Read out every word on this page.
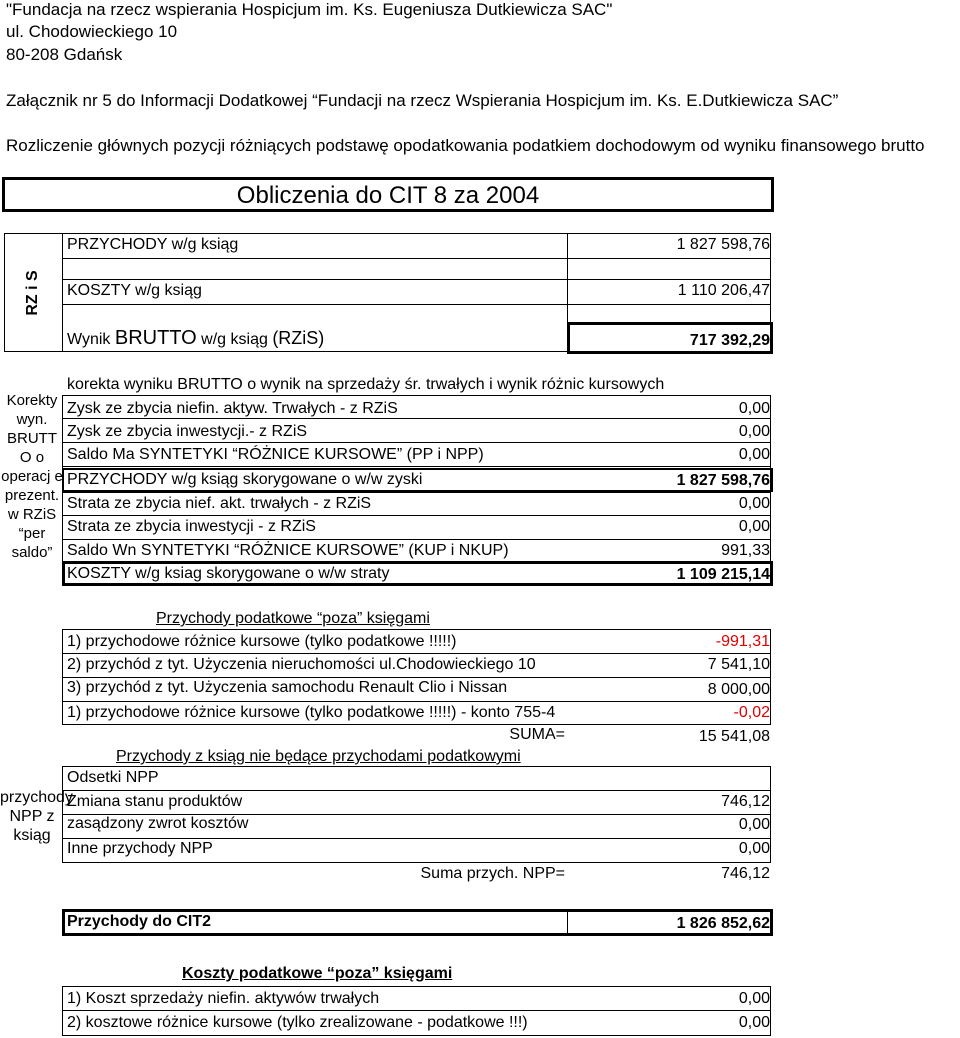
"Fundacja na rzecz wspierania Hospicjum im. Ks. Eugeniusza Dutkiewicza SAC"
ul. Chodowieckiego 10
80-208 Gdańsk
Załącznik nr 5 do Informacji Dodatkowej “Fundacji na rzecz Wspierania Hospicjum im. Ks. E.Dutkiewicza SAC”
Rozliczenie głównych pozycji różniących podstawę opodatkowania podatkiem dochodowym od wyniku finansowego brutto
Obliczenia do CIT 8 za 2004
RZ i S
PRZYCHODY w/g ksiąg	1 827 598,76
KOSZTY w/g ksiąg	1 110 206,47
Wynik BRUTTO w/g ksiąg (RZiS)	717 392,29
Korekty wyn. BRUTT O o operacj e prezent. w RZiS “per saldo”
korekta wyniku BRUTTO o wynik na sprzedaży śr. trwałych i wynik różnic kursowych
Zysk ze zbycia niefin. aktyw. Trwałych - z RZiS	0,00
Zysk ze zbycia inwestycji.- z RZiS	0,00
Saldo Ma SYNTETYKI “RÓŻNICE KURSOWE” (PP i NPP)	0,00
PRZYCHODY w/g ksiąg skorygowane o w/w zyski	1 827 598,76
Strata ze zbycia nief. akt. trwałych - z RZiS	0,00
Strata ze zbycia inwestycji - z RZiS	0,00
Saldo Wn SYNTETYKI “RÓŻNICE KURSOWE” (KUP i NKUP)	991,33
KOSZTY w/g ksiag skorygowane o w/w straty	1 109 215,14
Przychody podatkowe “poza” księgami
1) przychodowe różnice kursowe (tylko podatkowe !!!!!)	-991,31
2) przychód z tyt. Użyczenia nieruchomości ul.Chodowieckiego 10	7 541,10
3) przychód z tyt. Użyczenia samochodu Renault Clio i Nissan	8 000,00
1) przychodowe różnice kursowe (tylko podatkowe !!!!!) - konto 755-4	-0,02
SUMA=	15 541,08
Przychody z ksiąg nie będące przychodami podatkowymi
przychody NPP z ksiąg
Odsetki NPP
Zmiana stanu produktów	746,12
zasądzony zwrot kosztów	0,00
Inne przychody NPP	0,00
Suma przych. NPP=	746,12
Przychody do CIT2	1 826 852,62
Koszty podatkowe “poza” księgami
1) Koszt sprzedaży niefin. aktywów trwałych	0,00
2) kosztowe różnice kursowe (tylko zrealizowane - podatkowe !!!)	0,00
